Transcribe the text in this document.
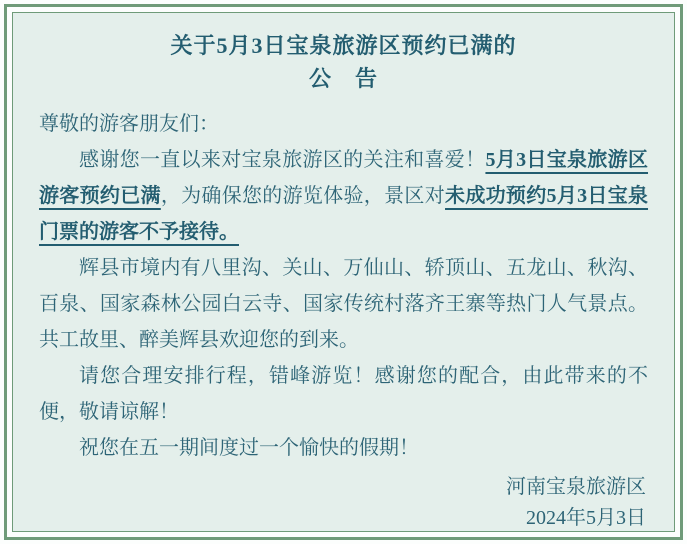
关于5月3日宝泉旅游区预约已满的
公　告

尊敬的游客朋友们：

感谢您一直以来对宝泉旅游区的关注和喜爱！5月3日宝泉旅游区游客预约已满，为确保您的游览体验，景区对未成功预约5月3日宝泉门票的游客不予接待。

辉县市境内有八里沟、关山、万仙山、轿顶山、五龙山、秋沟、百泉、国家森林公园白云寺、国家传统村落齐王寨等热门人气景点。共工故里、醉美辉县欢迎您的到来。

请您合理安排行程，错峰游览！感谢您的配合，由此带来的不便，敬请谅解！

祝您在五一期间度过一个愉快的假期！

河南宝泉旅游区
2024年5月3日
